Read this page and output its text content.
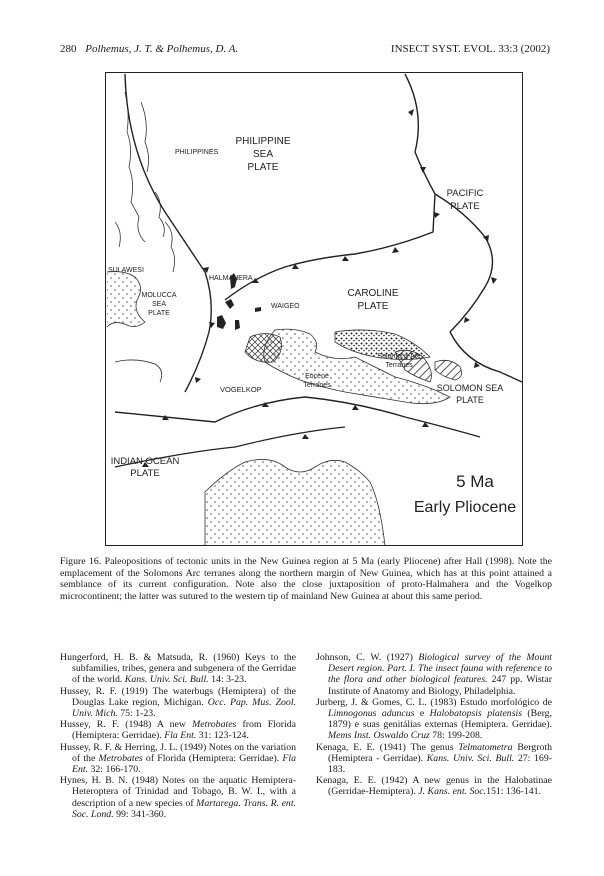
280 Polhemus, J. T. & Polhemus, D. A.	INSECT SYST. EVOL. 33:3 (2002)
PHILIPPINES
PHILIPPINE
SEA
PLATE
PACIFIC
PLATE
SULAWESI
HALMAHERA
MOLUCCA
SEA
PLATE
WAIGEO
CAROLINE
PLATE
Solomons Arc
Terranes
Eocene
Terranes
VOGELKOP	SOLOMON SEA
PLATE
INDIAN OCEAN
PLATE	5 Ma
Early Pliocene

Figure 16. Paleopositions of tectonic units in the New Guinea region at 5 Ma (early Pliocene) after Hall (1998). Note the emplacement of the Solomons Arc terranes along the northern margin of New Guinea, which has at this point attained a semblance of its current configuration. Note also the close juxtaposition of proto-Halmahera and the Vogelkop microcontinent; the latter was sutured to the western tip of mainland New Guinea at about this same period.

Hungerford, H. B. & Matsuda, R. (1960) Keys to the subfamilies, tribes, genera and subgenera of the Gerridae of the world. Kans. Univ. Sci. Bull. 14: 3-23.

Hussey, R. F. (1919) The waterbugs (Hemiptera) of the Douglas Lake region, Michigan. Occ. Pap. Mus. Zool. Univ. Mich. 75: 1-23.

Hussey, R. F. (1948) A new Metrobates from Florida (Hemiptera: Gerridae). Fla Ent. 31: 123-124.

Hussey, R. F. & Herring, J. L. (1949) Notes on the variation of the Metrobates of Florida (Hemiptera: Gerridae). Fla Ent. 32: 166-170.

Hynes, H. B. N. (1948) Notes on the aquatic Hemiptera-Heteroptera of Trinidad and Tobago, B. W. I., with a description of a new species of Martarega. Trans. R. ent. Soc. Lond. 99: 341-360.

Johnson, C. W. (1927) Biological survey of the Mount Desert region. Part. I. The insect fauna with reference to the flora and other biological features. 247 pp. Wistar Institute of Anatomy and Biology, Philadelphia.

Jurberg, J. & Gomes, C. L. (1983) Estudo morfológico de Limnogonus aduncus e Halobatopsis platensis (Berg, 1879) e suas genitálias externas (Hemiptera. Gerridae). Mems Inst. Oswaldo Cruz 78: 199-208.

Kenaga, E. E. (1941) The genus Telmatometra Bergroth (Hemiptera - Gerridae). Kans. Univ. Sci. Bull. 27: 169-183.

Kenaga, E. E. (1942) A new genus in the Halobatinae (Gerridae-Hemiptera). J. Kans. ent. Soc.151: 136-141.
